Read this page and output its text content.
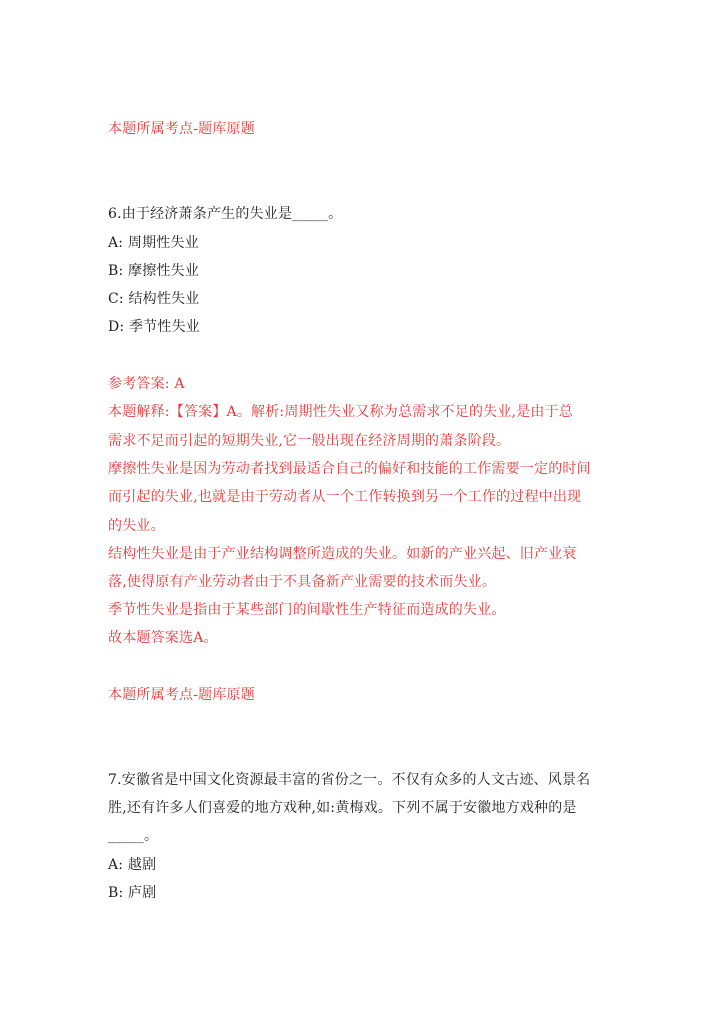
本题所属考点-题库原题
6.由于经济萧条产生的失业是_____。
A: 周期性失业
B: 摩擦性失业
C: 结构性失业
D: 季节性失业
参考答案: A
本题解释:【答案】A。解析:周期性失业又称为总需求不足的失业,是由于总
需求不足而引起的短期失业,它一般出现在经济周期的萧条阶段。
摩擦性失业是因为劳动者找到最适合自己的偏好和技能的工作需要一定的时间
而引起的失业,也就是由于劳动者从一个工作转换到另一个工作的过程中出现
的失业。
结构性失业是由于产业结构调整所造成的失业。如新的产业兴起、旧产业衰
落,使得原有产业劳动者由于不具备新产业需要的技术而失业。
季节性失业是指由于某些部门的间歇性生产特征而造成的失业。
故本题答案选A。
本题所属考点-题库原题
7.安徽省是中国文化资源最丰富的省份之一。不仅有众多的人文古迹、风景名
胜,还有许多人们喜爱的地方戏种,如:黄梅戏。下列不属于安徽地方戏种的是
_____。
A: 越剧
B: 庐剧
